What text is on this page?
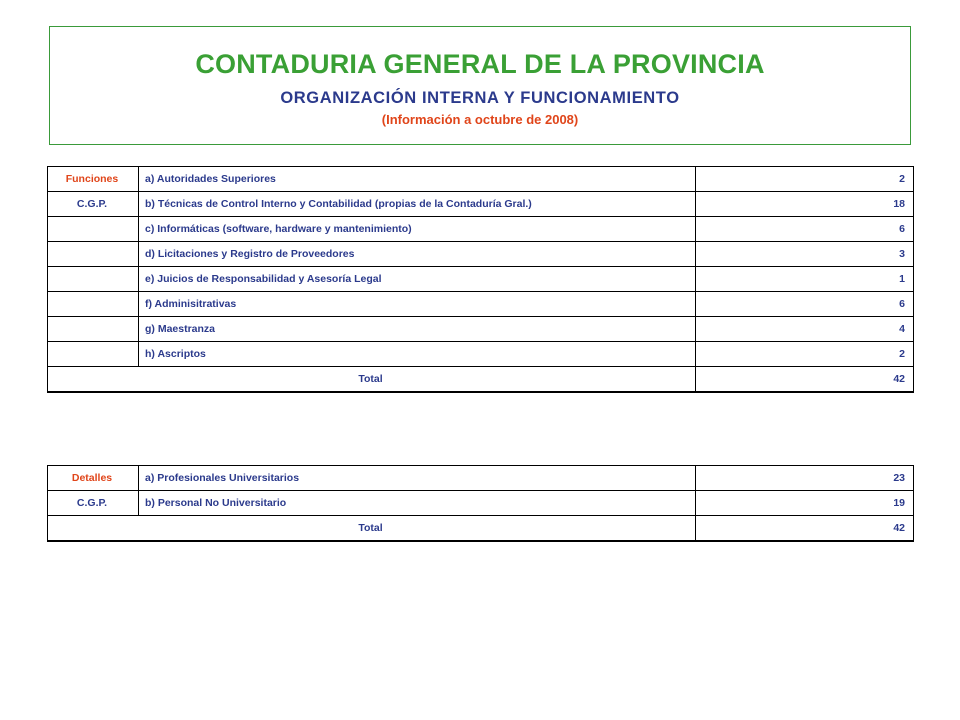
CONTADURIA GENERAL DE LA PROVINCIA
ORGANIZACIÓN INTERNA Y FUNCIONAMIENTO
(Información a octubre de 2008)
Funciones	a) Autoridades Superiores	2
C.G.P.	b) Técnicas de Control Interno y Contabilidad (propias de la Contaduría Gral.)	18
	c) Informáticas (software, hardware y mantenimiento)	6
	d) Licitaciones y Registro de Proveedores	3
	e) Juicios de Responsabilidad y Asesoría Legal	1
	f) Adminisitrativas	6
	g) Maestranza	4
	h) Ascriptos	2
Total		42
Detalles	a) Profesionales Universitarios	23
C.G.P.	b) Personal No Universitario	19
Total		42
